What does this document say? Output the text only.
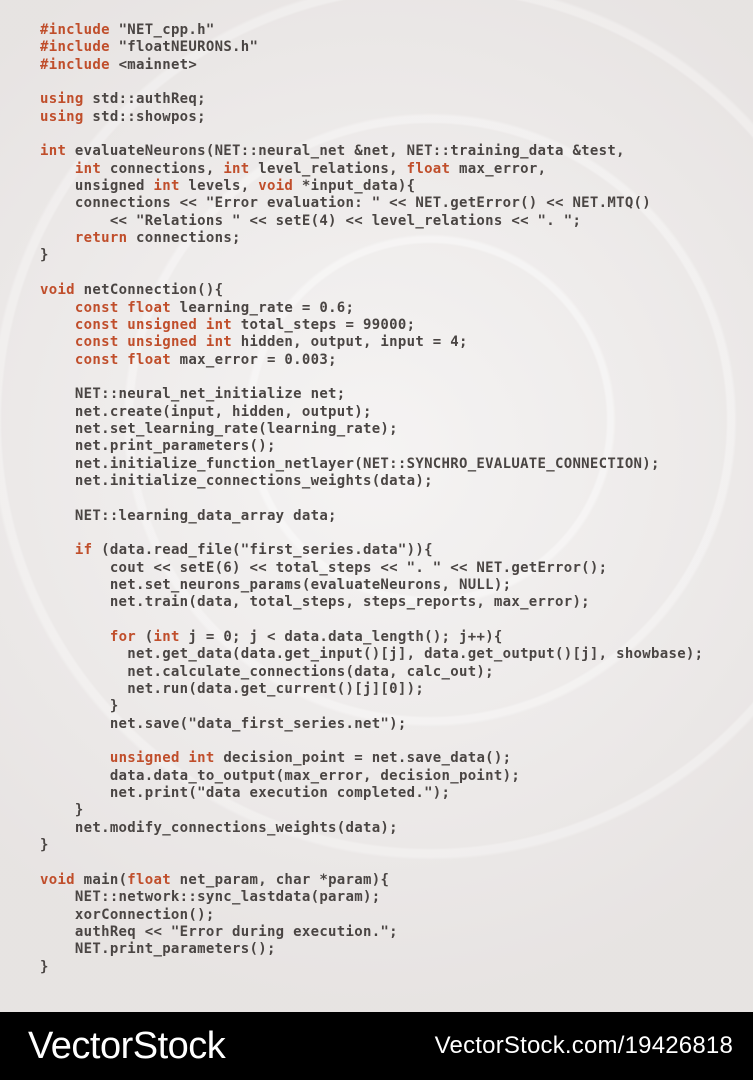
#include "NET_cpp.h"
#include "floatNEURONS.h"
#include <mainnet>

using std::authReq;
using std::showpos;

int evaluateNeurons(NET::neural_net &net, NET::training_data &test,
int connections, int level_relations, float max_error,
unsigned int levels, void *input_data){
connections << "Error evaluation: " << NET.getError() << NET.MTQ()
<< "Relations " << setE(4) << level_relations << ". ";
return connections;
}

void netConnection(){
const float learning_rate = 0.6;
const unsigned int total_steps = 99000;
const unsigned int hidden, output, input = 4;
const float max_error = 0.003;

NET::neural_net_initialize net;
net.create(input, hidden, output);
net.set_learning_rate(learning_rate);
net.print_parameters();
net.initialize_function_netlayer(NET::SYNCHRO_EVALUATE_CONNECTION);
net.initialize_connections_weights(data);

NET::learning_data_array data;

if (data.read_file("first_series.data")){
cout << setE(6) << total_steps << ". " << NET.getError();
net.set_neurons_params(evaluateNeurons, NULL);
net.train(data, total_steps, steps_reports, max_error);

for (int j = 0; j < data.data_length(); j++){
net.get_data(data.get_input()[j], data.get_output()[j], showbase);
net.calculate_connections(data, calc_out);
net.run(data.get_current()[j][0]);
}
net.save("data_first_series.net");

unsigned int decision_point = net.save_data();
data.data_to_output(max_error, decision_point);
net.print("data execution completed.");
}
net.modify_connections_weights(data);
}

void main(float net_param, char *param){
NET::network::sync_lastdata(param);
xorConnection();
authReq << "Error during execution.";
NET.print_parameters();
}
VectorStock	VectorStock.com/19426818
